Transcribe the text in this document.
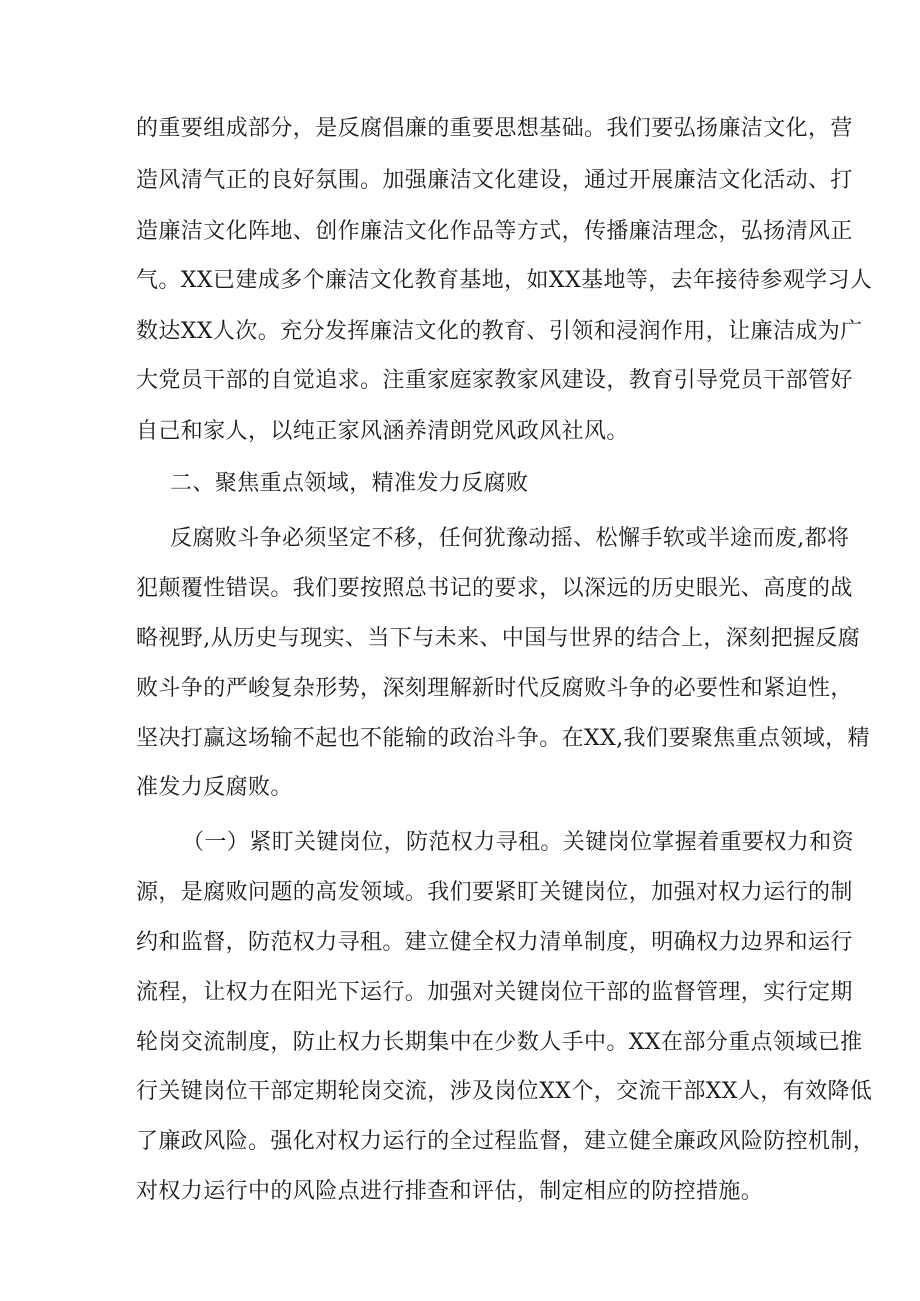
的重要组成部分，是反腐倡廉的重要思想基础。我们要弘扬廉洁文化，营

造风清气正的良好氛围。加强廉洁文化建设，通过开展廉洁文化活动、打

造廉洁文化阵地、创作廉洁文化作品等方式，传播廉洁理念，弘扬清风正

气。XX已建成多个廉洁文化教育基地，如XX基地等，去年接待参观学习人

数达XX人次。充分发挥廉洁文化的教育、引领和浸润作用，让廉洁成为广

大党员干部的自觉追求。注重家庭家教家风建设，教育引导党员干部管好

自己和家人，以纯正家风涵养清朗党风政风社风。

二、聚焦重点领域，精准发力反腐败

反腐败斗争必须坚定不移，任何犹豫动摇、松懈手软或半途而废,都将

犯颠覆性错误。我们要按照总书记的要求，以深远的历史眼光、高度的战

略视野,从历史与现实、当下与未来、中国与世界的结合上，深刻把握反腐

败斗争的严峻复杂形势，深刻理解新时代反腐败斗争的必要性和紧迫性，

坚决打赢这场输不起也不能输的政治斗争。在XX,我们要聚焦重点领域，精

准发力反腐败。

（一）紧盯关键岗位，防范权力寻租。关键岗位掌握着重要权力和资

源，是腐败问题的高发领域。我们要紧盯关键岗位，加强对权力运行的制

约和监督，防范权力寻租。建立健全权力清单制度，明确权力边界和运行

流程，让权力在阳光下运行。加强对关键岗位干部的监督管理，实行定期

轮岗交流制度，防止权力长期集中在少数人手中。XX在部分重点领域已推

行关键岗位干部定期轮岗交流，涉及岗位XX个，交流干部XX人，有效降低

了廉政风险。强化对权力运行的全过程监督，建立健全廉政风险防控机制，

对权力运行中的风险点进行排查和评估，制定相应的防控措施。
